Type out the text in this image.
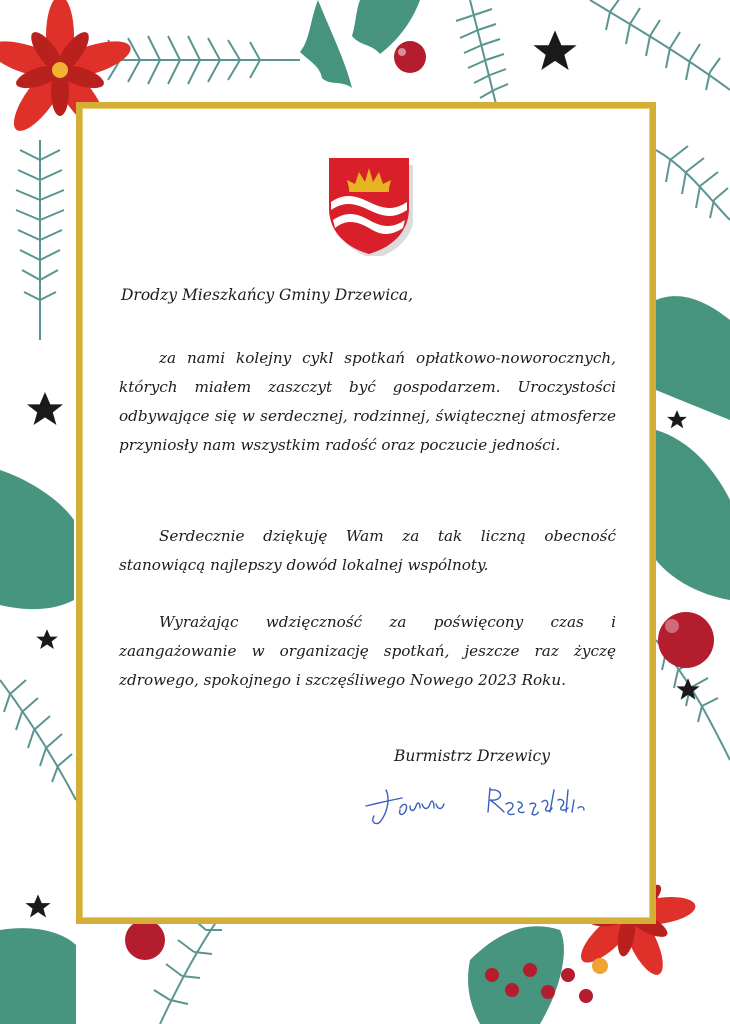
Drodzy Mieszkańcy Gminy Drzewica,

za nami kolejny cykl spotkań opłatkowo-noworocznych, których miałem zaszczyt być gospodarzem. Uroczystości odbywające się w serdecznej, rodzinnej, świątecznej atmosferze przyniosły nam wszystkim radość oraz poczucie jedności.

Serdecznie dziękuję Wam za tak liczną obecność stanowiącą najlepszy dowód lokalnej wspólnoty.

Wyrażając wdzięczność za poświęcony czas i zaangażowanie w organizację spotkań, jeszcze raz życzę zdrowego, spokojnego i szczęśliwego Nowego 2023 Roku.

Burmistrz Drzewicy
